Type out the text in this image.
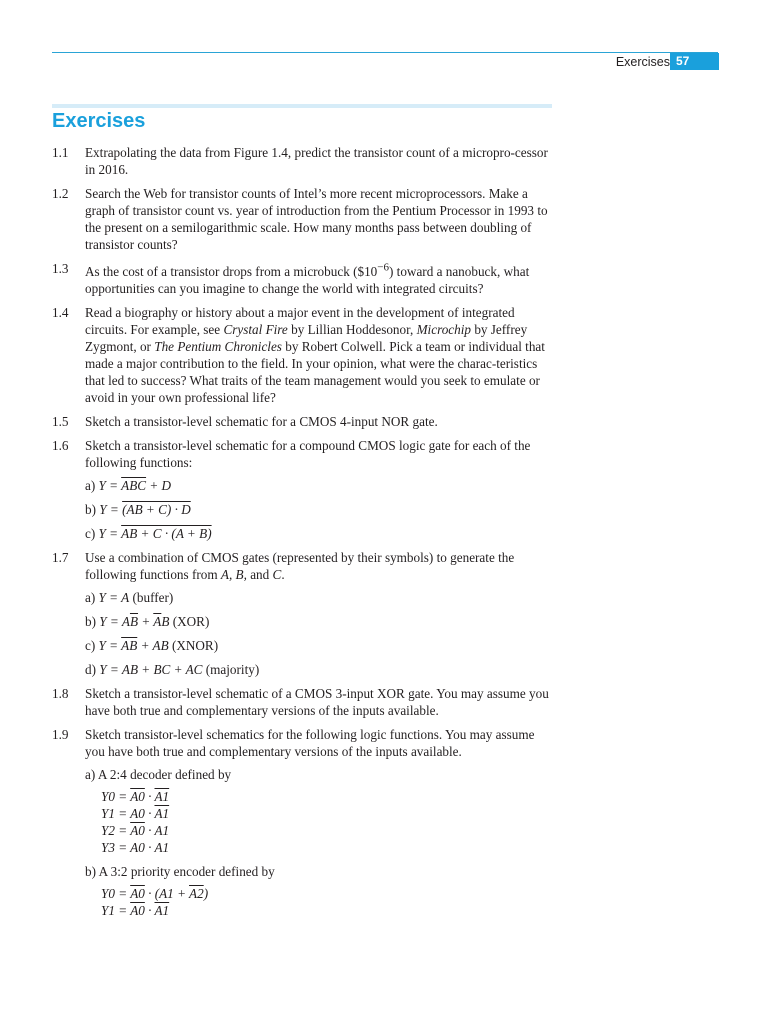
Exercises 57
Exercises
1.1 Extrapolating the data from Figure 1.4, predict the transistor count of a micropro-cessor in 2016.
1.2 Search the Web for transistor counts of Intel’s more recent microprocessors. Make a graph of transistor count vs. year of introduction from the Pentium Processor in 1993 to the present on a semilogarithmic scale. How many months pass between doubling of transistor counts?
1.3 As the cost of a transistor drops from a microbuck $(\$10^{-6})$ toward a nanobuck, what opportunities can you imagine to change the world with integrated circuits?
1.4 Read a biography or history about a major event in the development of integrated circuits. For example, see Crystal Fire by Lillian Hoddesonor, Microchip by Jeffrey Zygmont, or The Pentium Chronicles by Robert Colwell. Pick a team or individual that made a major contribution to the field. In your opinion, what were the charac-teristics that led to success? What traits of the team management would you seek to emulate or avoid in your own professional life?
1.5 Sketch a transistor-level schematic for a CMOS 4-input NOR gate.
1.6 Sketch a transistor-level schematic for a compound CMOS logic gate for each of the following functions:
a) $Y = \overline{ABC} + D$
b) Y = (AB + C) · D
c) Y = AB + C · (A + B)
1.7 Use a combination of CMOS gates (represented by their symbols) to generate the following functions from A, B, and C.
a) Y = A (buffer)
b) $Y = A\overline{B} + \overline{A}B$ (XOR)
c) $Y = \overline{AB}$ + AB (XNOR)
d) Y = AB + BC + AC (majority)
1.8 Sketch a transistor-level schematic of a CMOS 3-input XOR gate. You may assume you have both true and complementary versions of the inputs available.
1.9 Sketch transistor-level schematics for the following logic functions. You may assume you have both true and complementary versions of the inputs available.
a) A 2:4 decoder defined by
Y0 = A0 · A1
Y1 = A0 · A1
Y2 = A0 · A1
Y3 = A0 · A1
b) A 3:2 priority encoder defined by
Y0 = A0 · (A1 + A2)
Y1 = A0 · A1
